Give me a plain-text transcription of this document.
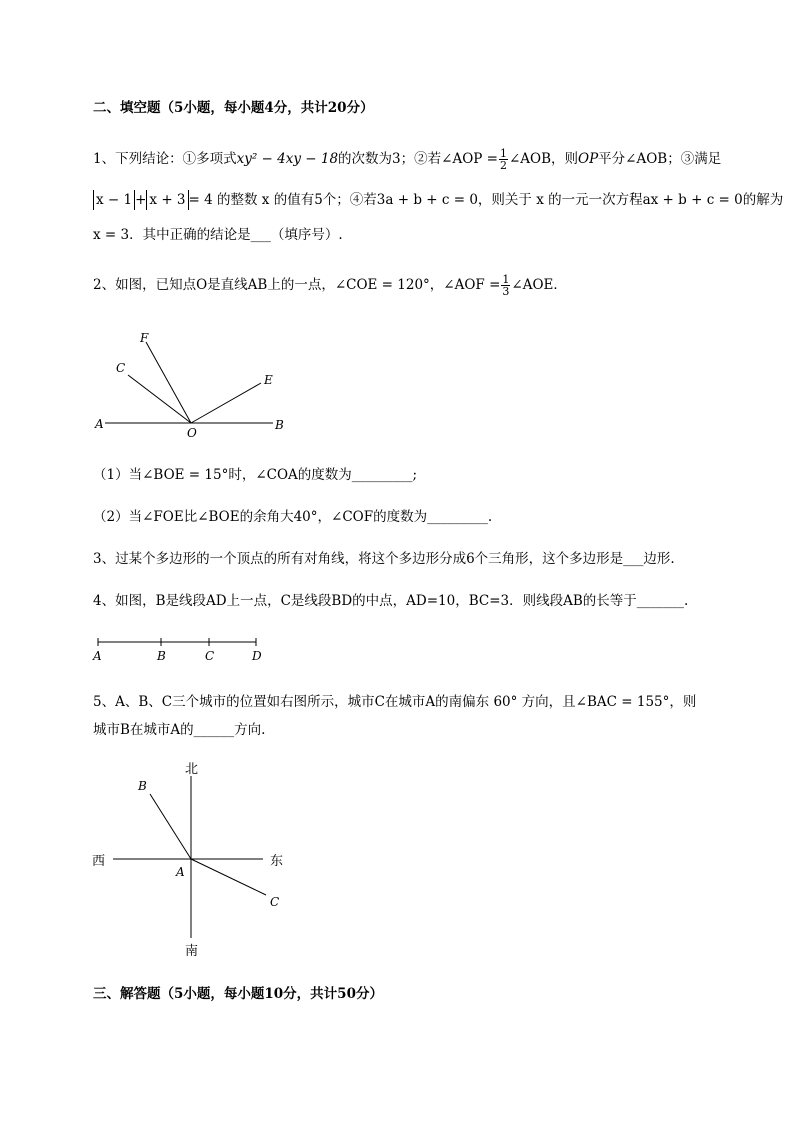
二、填空题（5小题，每小题4分，共计20分）
1、下列结论：①多项式xy² − 4xy − 18的次数为3；②若∠AOP = $\frac{1}{2}$ ∠AOB，则OP平分∠AOB；③满足
x − 1 + x + 3 = 4 的整数 x 的值有5个；④若3a + b + c = 0，则关于 x 的一元一次方程ax + b + c = 0的解为
x = 3．其中正确的结论是___（填序号）.
2、如图，已知点O是直线AB上的一点，∠COE = 120°，∠AOF = $\frac{1}{3}$ ∠AOE．
F
C
E
A
O
B
（1）当∠BOE = 15°时，∠COA的度数为_________;
（2）当∠FOE比∠BOE的余角大40°，∠COF的度数为_________.
3、过某个多边形的一个顶点的所有对角线，将这个多边形分成6个三角形，这个多边形是___边形.
4、如图，B是线段AD上一点，C是线段BD的中点，AD=10，BC=3．则线段AB的长等于_______.
A	B	C	D
5、A、B、C三个城市的位置如右图所示，城市C在城市A的南偏东 60° 方向，且∠BAC = 155°，则
城市B在城市A的______方向.
北
南
西	东
B
A
C
三、解答题（5小题，每小题10分，共计50分）
